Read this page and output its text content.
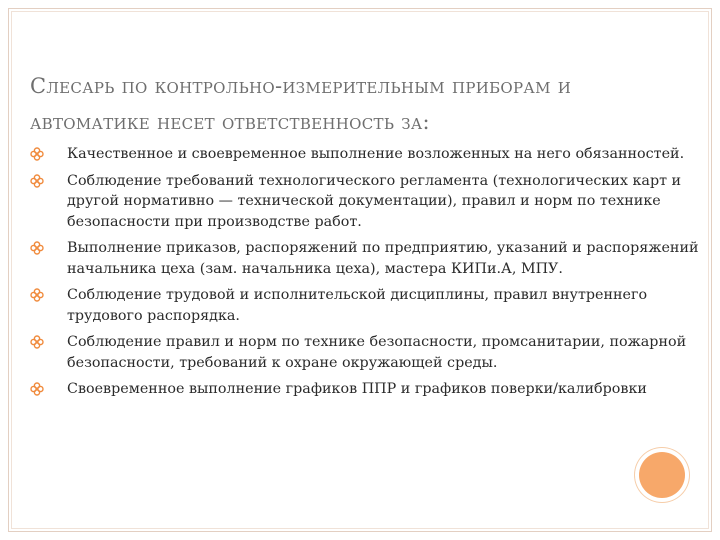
Слесарь по контрольно-измерительным приборам и
автоматике несет ответственность за:
Качественное и своевременное выполнение возложенных на него обязанностей.
Соблюдение требований технологического регламента (технологических карт и другой нормативно — технической документации), правил и норм по технике безопасности при производстве работ.
Выполнение приказов, распоряжений по предприятию, указаний и распоряжений начальника цеха (зам. начальника цеха), мастера КИПи.А, МПУ.
Соблюдение трудовой и исполнительской дисциплины, правил внутреннего трудового распорядка.
Соблюдение правил и норм по технике безопасности, промсанитарии, пожарной безопасности, требований к охране окружающей среды.
Своевременное выполнение графиков ППР и графиков поверки/калибровки
